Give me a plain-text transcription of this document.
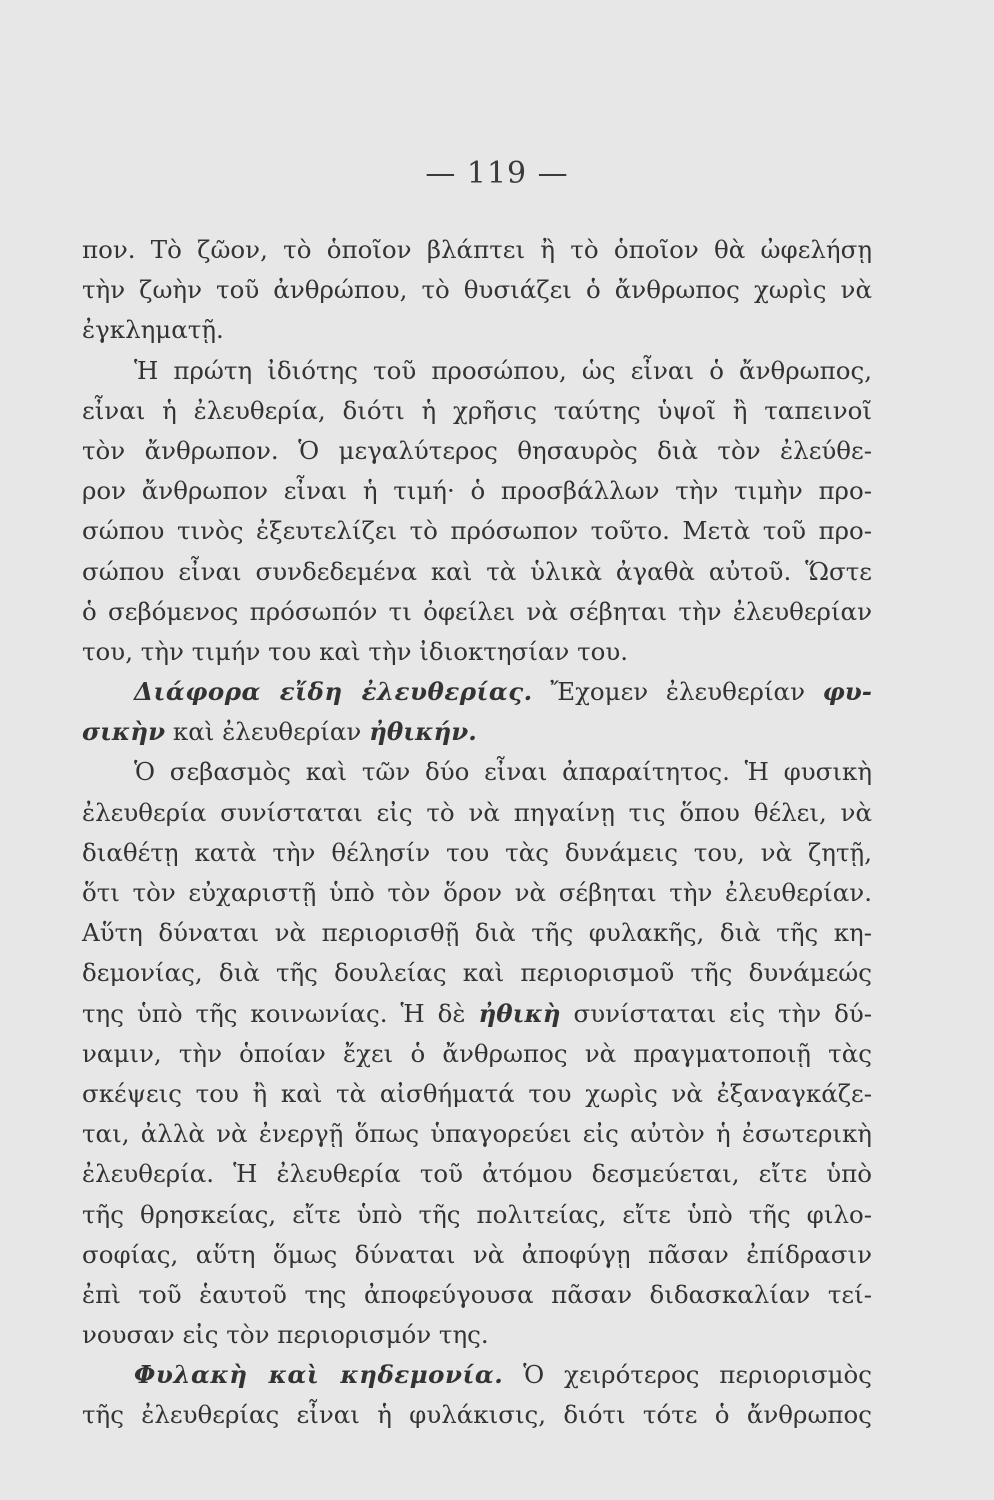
— 119 —
πον. Τὸ ζῶον, τὸ ὁποῖον βλάπτει ἢ τὸ ὁποῖον θὰ ὠφελήσῃ
τὴν ζωὴν τοῦ ἀνθρώπου, τὸ θυσιάζει ὁ ἄνθρωπος χωρὶς νὰ
ἐγκληματῇ.
Ἡ πρώτη ἰδιότης τοῦ προσώπου, ὡς εἶναι ὁ ἄνθρωπος,
εἶναι ἡ ἐλευθερία, διότι ἡ χρῆσις ταύτης ὑψοῖ ἢ ταπεινοῖ
τὸν ἄνθρωπον. Ὁ μεγαλύτερος θησαυρὸς διὰ τὸν ἐλεύθε-
ρον ἄνθρωπον εἶναι ἡ τιμή· ὁ προσβάλλων τὴν τιμὴν προ-
σώπου τινὸς ἐξευτελίζει τὸ πρόσωπον τοῦτο. Μετὰ τοῦ προ-
σώπου εἶναι συνδεδεμένα καὶ τὰ ὑλικὰ ἀγαθὰ αὐτοῦ. Ὥστε
ὁ σεβόμενος πρόσωπόν τι ὀφείλει νὰ σέβηται τὴν ἐλευθερίαν
του, τὴν τιμήν του καὶ τὴν ἰδιοκτησίαν του.
Διάφορα εἴδη ἐλευθερίας. Ἔχομεν ἐλευθερίαν φυ-
σικὴν καὶ ἐλευθερίαν ἠθικήν.
Ὁ σεβασμὸς καὶ τῶν δύο εἶναι ἀπαραίτητος. Ἡ φυσικὴ
ἐλευθερία συνίσταται εἰς τὸ νὰ πηγαίνῃ τις ὅπου θέλει, νὰ
διαθέτῃ κατὰ τὴν θέλησίν του τὰς δυνάμεις του, νὰ ζητῇ,
ὅτι τὸν εὐχαριστῇ ὑπὸ τὸν ὅρον νὰ σέβηται τὴν ἐλευθερίαν.
Αὕτη δύναται νὰ περιορισθῇ διὰ τῆς φυλακῆς, διὰ τῆς κη-
δεμονίας, διὰ τῆς δουλείας καὶ περιορισμοῦ τῆς δυνάμεώς
της ὑπὸ τῆς κοινωνίας. Ἡ δὲ ἠθικὴ συνίσταται εἰς τὴν δύ-
ναμιν, τὴν ὁποίαν ἔχει ὁ ἄνθρωπος νὰ πραγματοποιῇ τὰς
σκέψεις του ἢ καὶ τὰ αἰσθήματά του χωρὶς νὰ ἐξαναγκάζε-
ται, ἀλλὰ νὰ ἐνεργῇ ὅπως ὑπαγορεύει εἰς αὐτὸν ἡ ἐσωτερικὴ
ἐλευθερία. Ἡ ἐλευθερία τοῦ ἀτόμου δεσμεύεται, εἴτε ὑπὸ
τῆς θρησκείας, εἴτε ὑπὸ τῆς πολιτείας, εἴτε ὑπὸ τῆς φιλο-
σοφίας, αὕτη ὅμως δύναται νὰ ἀποφύγῃ πᾶσαν ἐπίδρασιν
ἐπὶ τοῦ ἑαυτοῦ της ἀποφεύγουσα πᾶσαν διδασκαλίαν τεί-
νουσαν εἰς τὸν περιορισμόν της.
Φυλακὴ καὶ κηδεμονία. Ὁ χειρότερος περιορισμὸς
τῆς ἐλευθερίας εἶναι ἡ φυλάκισις, διότι τότε ὁ ἄνθρωπος
